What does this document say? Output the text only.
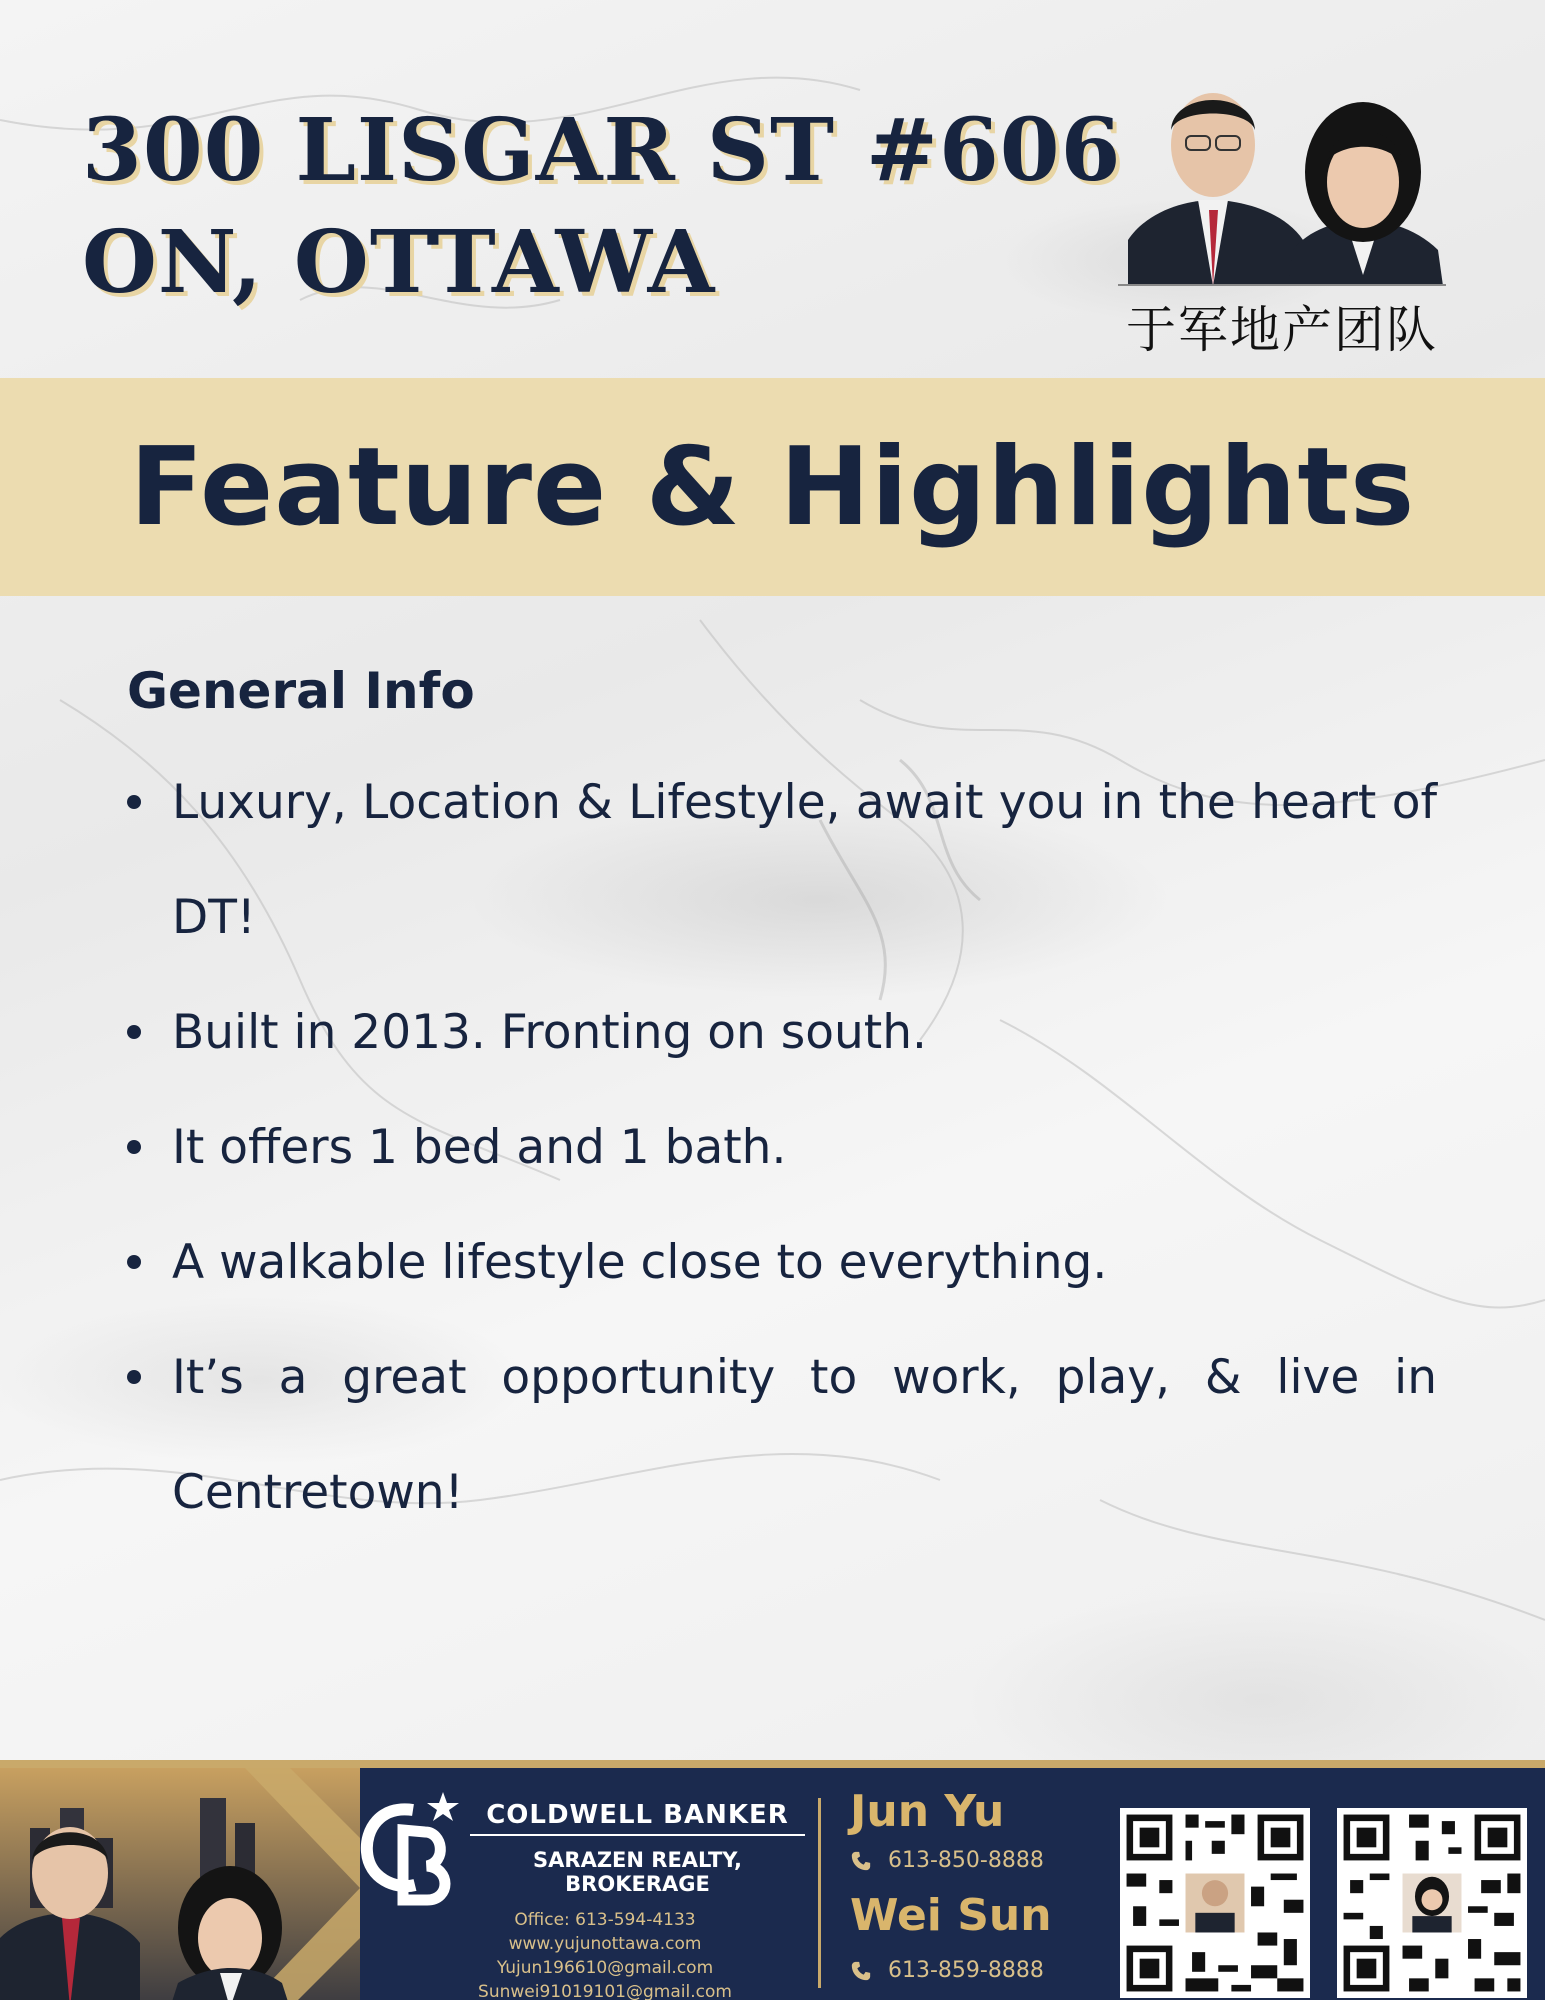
300 LISGAR ST #606
ON, OTTAWA
于军地产团队
Feature & Highlights
General Info
Luxury, Location & Lifestyle, await you in the heart of DT!
Built in 2013. Fronting on south.
It offers 1 bed and 1 bath.
A walkable lifestyle close to everything.
It’s a great opportunity to work, play, & live in Centretown!
COLDWELL BANKER
SARAZEN REALTY,
BROKERAGE
Office: 613-594-4133
www.yujunottawa.com
Yujun196610@gmail.com
Sunwei91019101@gmail.com
Jun Yu
613-850-8888
Wei Sun
613-859-8888
